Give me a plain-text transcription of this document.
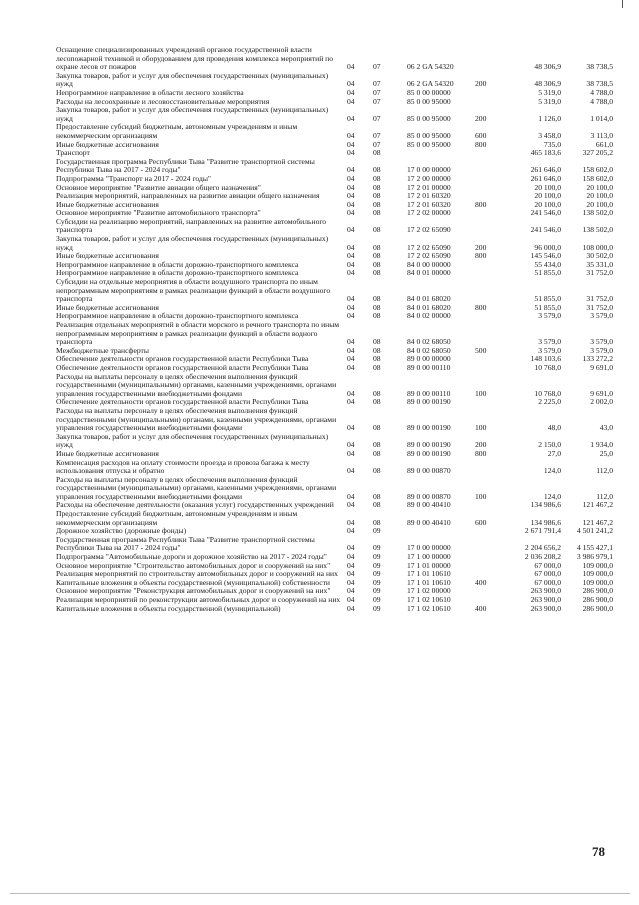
Оснащение специализированных учреждений органов государственной власти лесопожарной техникой и оборудованием для проведения комплекса мероприятий по охране лесов от пожаров	04	07	06 2 GA 54320	48 306,9	38 738,5
Закупка товаров, работ и услуг для обеспечения государственных (муниципальных) нужд	04	07	06 2 GA 54320	200	48 306,9	38 738,5
Непрограммное направление в области лесного хозяйства	04	07	85 0 00 00000	5 319,0	4 788,0
Расходы на лесоохранные и лесовосстановительные мероприятия	04	07	85 0 00 95000	5 319,0	4 788,0
Закупка товаров, работ и услуг для обеспечения государственных (муниципальных) нужд	04	07	85 0 00 95000	200	1 126,0	1 014,0
Предоставление субсидий бюджетным, автономным учреждениям и иным некоммерческим организациям	04	07	85 0 00 95000	600	3 458,0	3 113,0
Иные бюджетные ассигнования	04	07	85 0 00 95000	800	735,0	661,0
Транспорт	04	08	465 183,6	327 205,2
Государственная программа Республики Тыва "Развитие транспортной системы Республики Тыва на 2017 - 2024 годы"	04	08	17 0 00 00000	261 646,0	158 602,0
Подпрограмма "Транспорт на 2017 - 2024 годы"	04	08	17 2 00 00000	261 646,0	158 602,0
Основное мероприятие "Развитие авиации общего назначения"	04	08	17 2 01 00000	20 100,0	20 100,0
Реализация мероприятий, направленных на развитие авиации общего назначения	04	08	17 2 01 60320	20 100,0	20 100,0
Иные бюджетные ассигнования	04	08	17 2 01 60320	800	20 100,0	20 100,0
Основное мероприятие "Развитие автомобильного транспорта"	04	08	17 2 02 00000	241 546,0	138 502,0
Субсидии на реализацию мероприятий, направленных на развитие автомобильного транспорта	04	08	17 2 02 65090	241 546,0	138 502,0
Закупка товаров, работ и услуг для обеспечения государственных (муниципальных) нужд	04	08	17 2 02 65090	200	96 000,0	108 000,0
Иные бюджетные ассигнования	04	08	17 2 02 65090	800	145 546,0	30 502,0
Непрограммное направление в области дорожно-транспортного комплекса	04	08	84 0 00 00000	55 434,0	35 331,0
Непрограммное направление в области дорожно-транспортного комплекса	04	08	84 0 01 00000	51 855,0	31 752,0
Субсидии на отдельные мероприятия в области воздушного транспорта по иным непрограммным мероприятиям в рамках реализации функций в области воздушного транспорта	04	08	84 0 01 68020	51 855,0	31 752,0
Иные бюджетные ассигнования	04	08	84 0 01 68020	800	51 855,0	31 752,0
Непрограммное направление в области дорожно-транспортного комплекса	04	08	84 0 02 00000	3 579,0	3 579,0
Реализация отдельных мероприятий в области морского и речного транспорта по иным непрограммным мероприятиям в рамках реализации функций в области водного транспорта	04	08	84 0 02 68050	3 579,0	3 579,0
Межбюджетные трансферты	04	08	84 0 02 68050	500	3 579,0	3 579,0
Обеспечение деятельности органов государственной власти Республики Тыва	04	08	89 0 00 00000	148 103,6	133 272,2
Обеспечение деятельности органов государственной власти Республики Тыва	04	08	89 0 00 00110	10 768,0	9 691,0
Расходы на выплаты персоналу в целях обеспечения выполнения функций государственными (муниципальными) органами, казенными учреждениями, органами управления государственными внебюджетными фондами	04	08	89 0 00 00110	100	10 768,0	9 691,0
Обеспечение деятельности органов государственной власти Республики Тыва	04	08	89 0 00 00190	2 225,0	2 002,0
Расходы на выплаты персоналу в целях обеспечения выполнения функций государственными (муниципальными) органами, казенными учреждениями, органами управления государственными внебюджетными фондами	04	08	89 0 00 00190	100	48,0	43,0
Закупка товаров, работ и услуг для обеспечения государственных (муниципальных) нужд	04	08	89 0 00 00190	200	2 150,0	1 934,0
Иные бюджетные ассигнования	04	08	89 0 00 00190	800	27,0	25,0
Компенсация расходов на оплату стоимости проезда и провоза багажа к месту использования отпуска и обратно	04	08	89 0 00 00870	124,0	112,0
Расходы на выплаты персоналу в целях обеспечения выполнения функций государственными (муниципальными) органами, казенными учреждениями, органами управления государственными внебюджетными фондами	04	08	89 0 00 00870	100	124,0	112,0
Расходы на обеспечение деятельности (оказания услуг) государственных учреждений	04	08	89 0 00 40410	134 986,6	121 467,2
Предоставление субсидий бюджетным, автономным учреждениям и иным некоммерческим организациям	04	08	89 0 00 40410	600	134 986,6	121 467,2
Дорожное хозяйство (дорожные фонды)	04	09	2 671 791,4	4 501 241,2
Государственная программа Республики Тыва "Развитие транспортной системы Республики Тыва на 2017 - 2024 годы"	04	09	17 0 00 00000	2 204 656,2	4 155 427,1
Подпрограмма "Автомобильные дороги и дорожное хозяйство на 2017 - 2024 годы"	04	09	17 1 00 00000	2 036 208,2	3 986 979,1
Основное мероприятие "Строительство автомобильных дорог и сооружений на них"	04	09	17 1 01 00000	67 000,0	109 000,0
Реализация мероприятий по строительству автомобильных дорог и сооружений на них	04	09	17 1 01 10610	67 000,0	109 000,0
Капитальные вложения в объекты государственной (муниципальной) собственности	04	09	17 1 01 10610	400	67 000,0	109 000,0
Основное мероприятие "Реконструкция автомобильных дорог и сооружений на них"	04	09	17 1 02 00000	263 900,0	286 900,0
Реализация мероприятий по реконструкции автомобильных дорог и сооружений на них 04	09	17 1 02 10610	263 900,0	286 900,0
Капитальные вложения в объекты государственной (муниципальной)	04	09	17 1 02 10610	400	263 900,0	286 900,0
78
